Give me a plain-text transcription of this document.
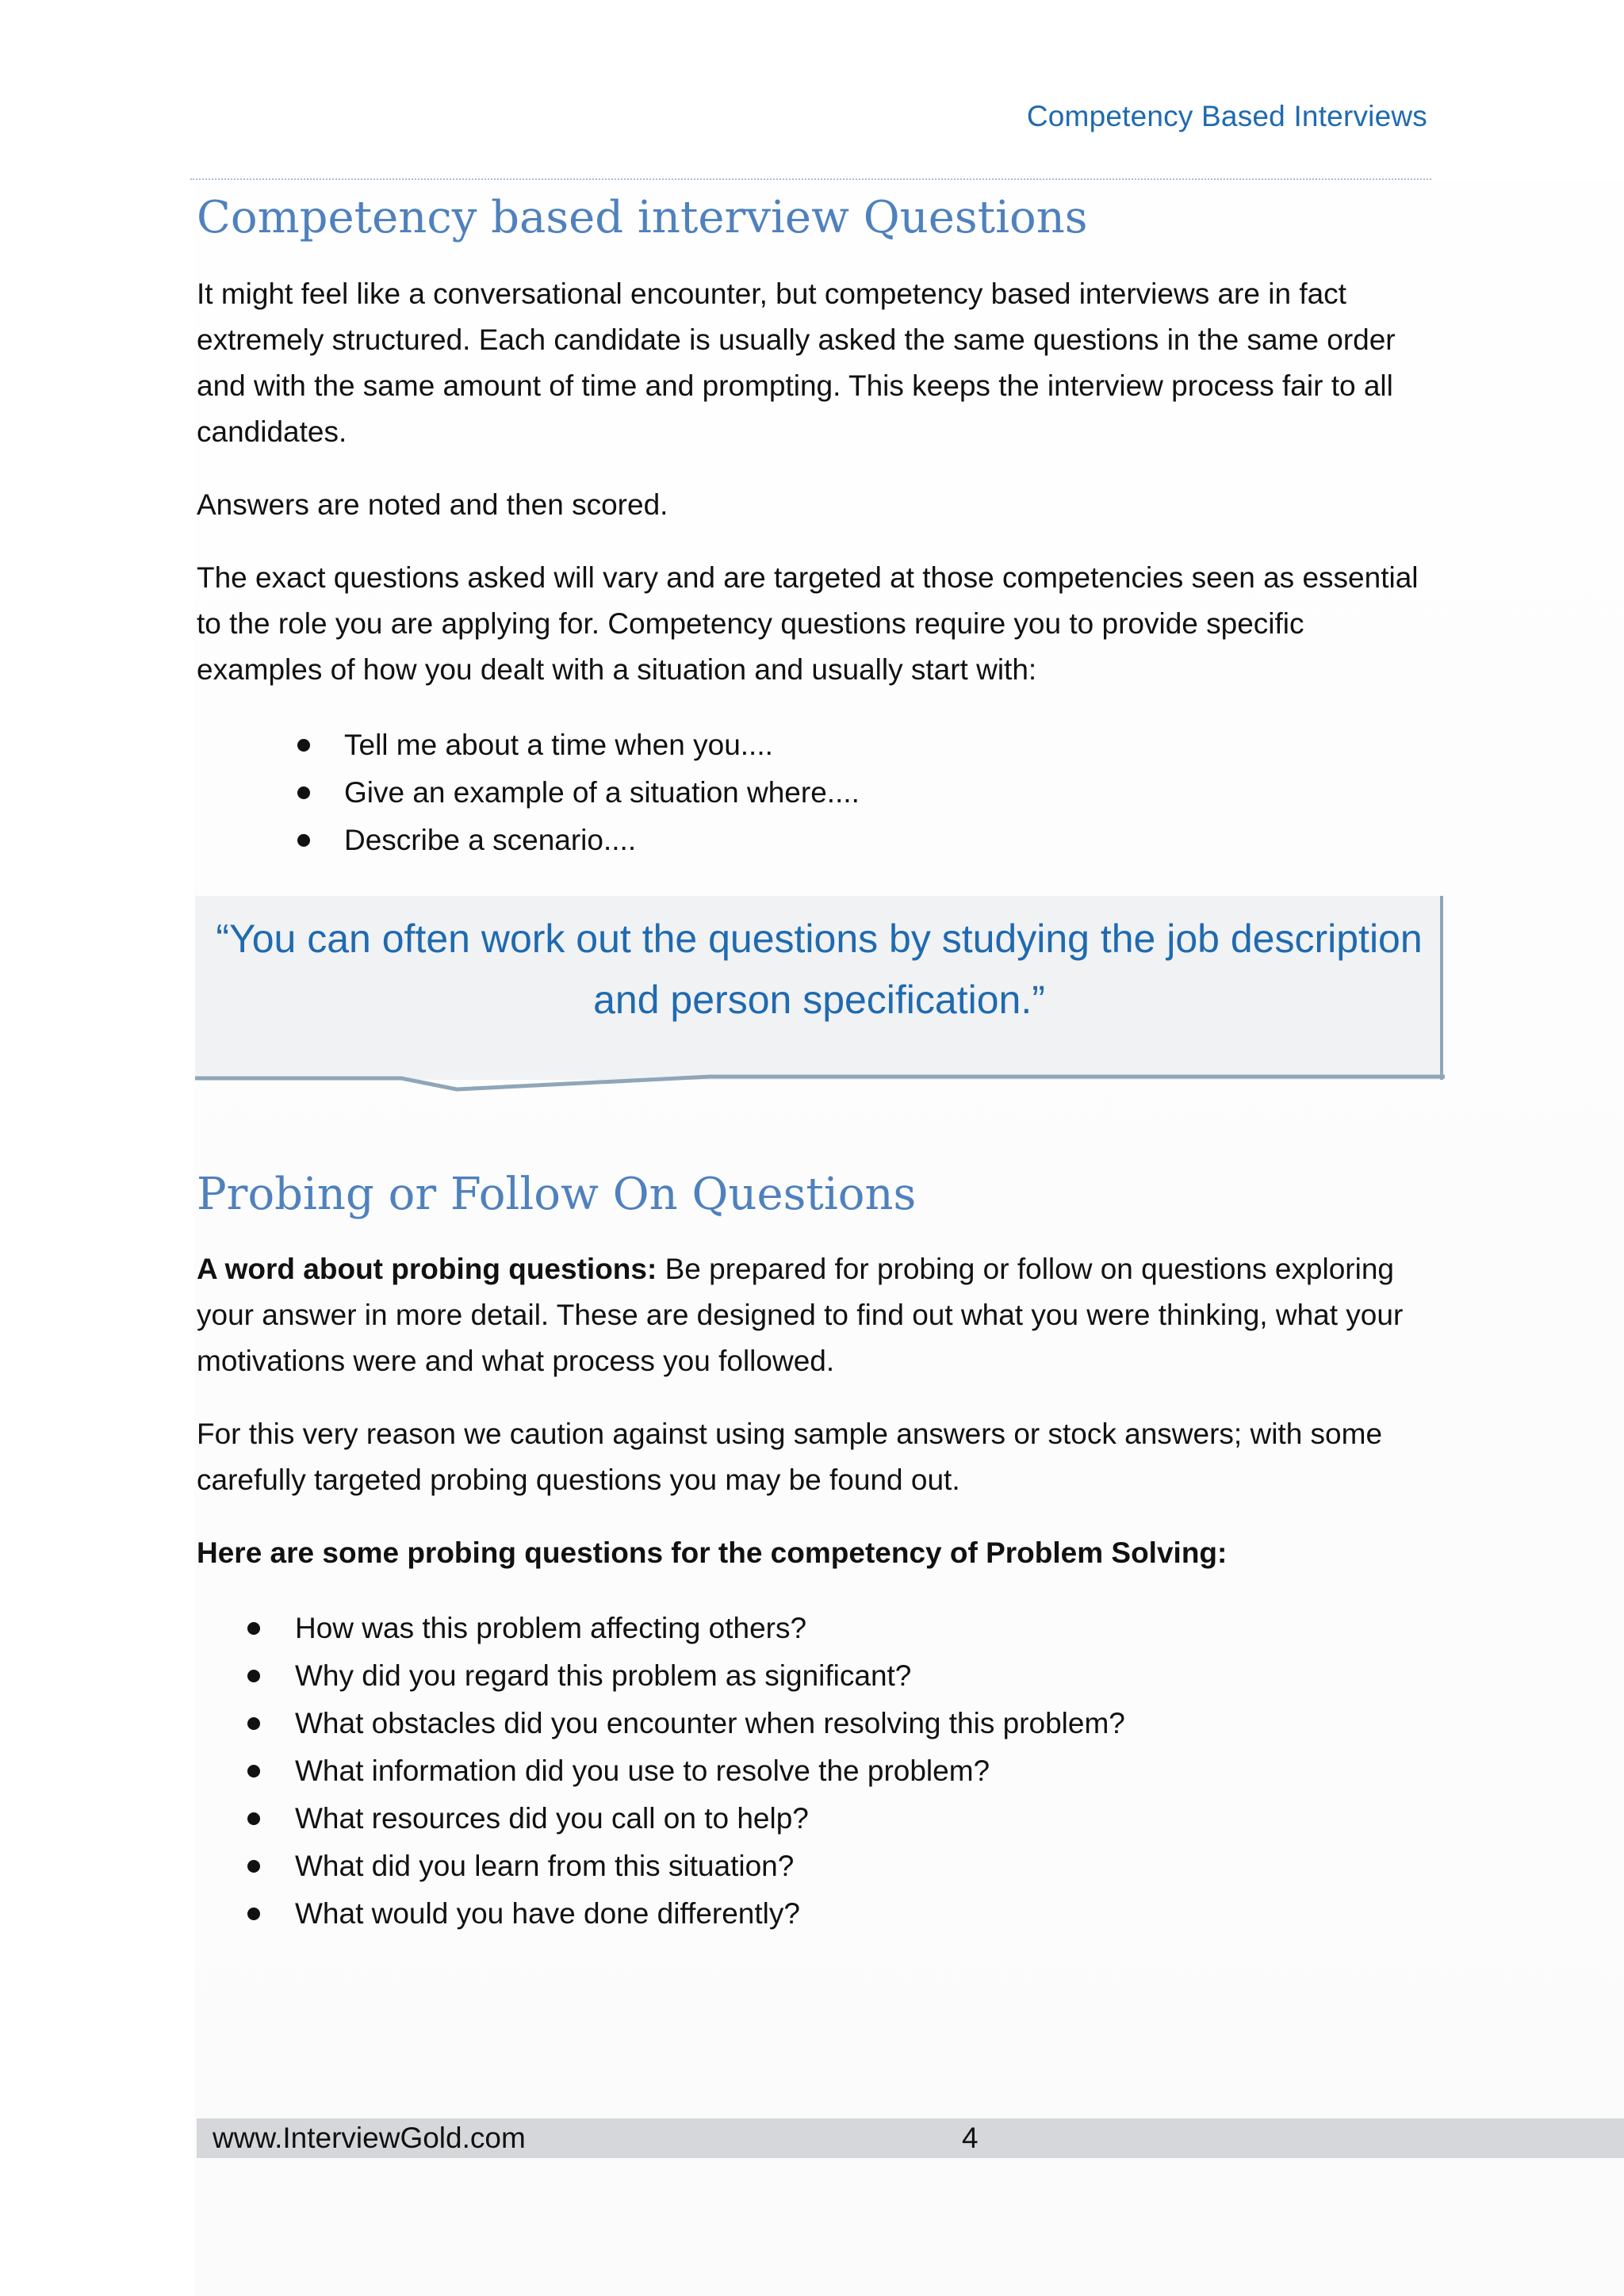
Competency Based Interviews
Competency based interview Questions

It might feel like a conversational encounter, but competency based interviews are in fact extremely structured. Each candidate is usually asked the same questions in the same order and with the same amount of time and prompting. This keeps the interview process fair to all candidates.

Answers are noted and then scored.

The exact questions asked will vary and are targeted at those competencies seen as essential to the role you are applying for. Competency questions require you to provide specific examples of how you dealt with a situation and usually start with:

Tell me about a time when you....
Give an example of a situation where....
Describe a scenario....
“You can often work out the questions by studying the job description and person specification.”
Probing or Follow On Questions

A word about probing questions: Be prepared for probing or follow on questions exploring your answer in more detail. These are designed to find out what you were thinking, what your motivations were and what process you followed.

For this very reason we caution against using sample answers or stock answers; with some carefully targeted probing questions you may be found out.

Here are some probing questions for the competency of Problem Solving:

How was this problem affecting others?
Why did you regard this problem as significant?
What obstacles did you encounter when resolving this problem?
What information did you use to resolve the problem?
What resources did you call on to help?
What did you learn from this situation?
What would you have done differently?
www.InterviewGold.com	4
